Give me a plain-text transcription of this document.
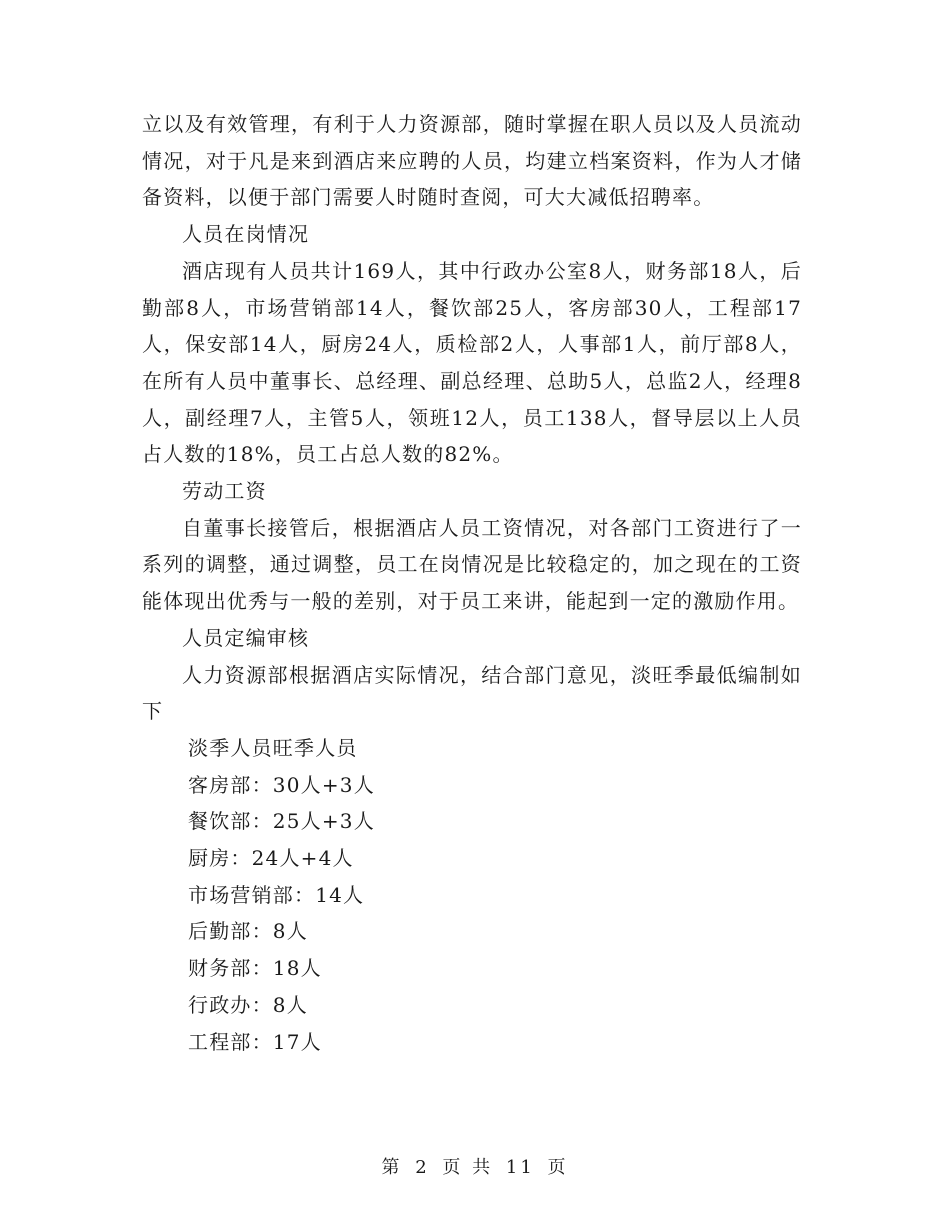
立以及有效管理，有利于人力资源部，随时掌握在职人员以及人员流动情况，对于凡是来到酒店来应聘的人员，均建立档案资料，作为人才储备资料，以便于部门需要人时随时查阅，可大大减低招聘率。

人员在岗情况

酒店现有人员共计169人，其中行政办公室8人，财务部18人，后勤部8人，市场营销部14人，餐饮部25人，客房部30人，工程部17人，保安部14人，厨房24人，质检部2人，人事部1人，前厅部8人，在所有人员中董事长、总经理、副总经理、总助5人，总监2人，经理8人，副经理7人，主管5人，领班12人，员工138人，督导层以上人员占人数的18%，员工占总人数的82%。

劳动工资

自董事长接管后，根据酒店人员工资情况，对各部门工资进行了一系列的调整，通过调整，员工在岗情况是比较稳定的，加之现在的工资能体现出优秀与一般的差别，对于员工来讲，能起到一定的激励作用。

人员定编审核

人力资源部根据酒店实际情况，结合部门意见，淡旺季最低编制如下

淡季人员旺季人员

客房部：30人+3人

餐饮部：25人+3人

厨房：24人+4人

市场营销部：14人

后勤部：8人

财务部：18人

行政办：8人

工程部：17人

第 2 页 共 11 页
